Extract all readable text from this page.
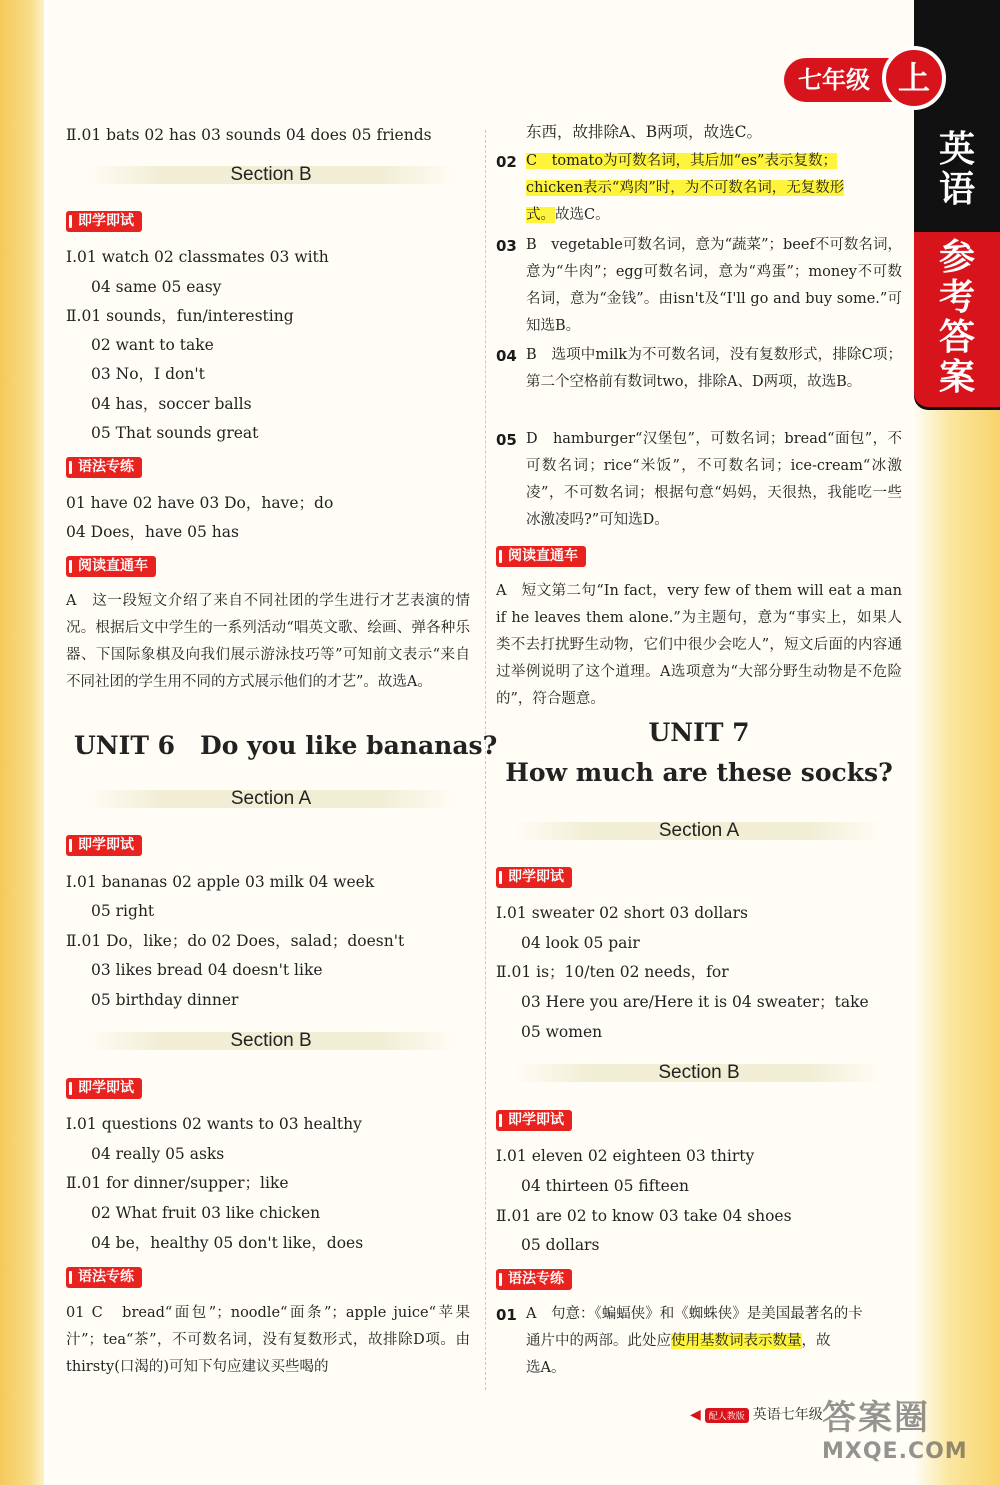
英
语
参
考
答
案
七年级 上
Ⅱ.01 bats 02 has 03 sounds 04 does 05 friends
Section B
即学即试
Ⅰ.01 watch 02 classmates 03 with
04 same 05 easy
Ⅱ.01 sounds，fun/interesting
02 want to take
03 No，I don't
04 has，soccer balls
05 That sounds great
语法专练
01 have 02 have 03 Do，have；do
04 Does，have 05 has
阅读直通车
A　这一段短文介绍了来自不同社团的学生进行才艺表演的情况。根据后文中学生的一系列活动“唱英文歌、绘画、弹各种乐器、下国际象棋及向我们展示游泳技巧等”可知前文表示“来自不同社团的学生用不同的方式展示他们的才艺”。故选A。
UNIT 6　Do you like bananas?
Section A
即学即试
Ⅰ.01 bananas 02 apple 03 milk 04 week
05 right
Ⅱ.01 Do，like；do 02 Does，salad；doesn't
03 likes bread 04 doesn't like
05 birthday dinner
Section B
即学即试
Ⅰ.01 questions 02 wants to 03 healthy
04 really 05 asks
Ⅱ.01 for dinner/supper；like
02 What fruit 03 like chicken
04 be，healthy 05 don't like，does
语法专练
01 C　bread“面包”；noodle“面条”；apple juice“苹果汁”；tea“茶”，不可数名词，没有复数形式，故排除D项。由thirsty(口渴的)可知下句应建议买些喝的
东西，故排除A、B两项，故选C。
02 C　tomato为可数名词，其后加“es”表示复数；
chicken表示“鸡肉”时，为不可数名词，无复数形
式。故选C。
03 B　vegetable可数名词，意为“蔬菜”；beef不可数名词，意为“牛肉”；egg可数名词，意为“鸡蛋”；money不可数名词，意为“金钱”。由isn't及“I'll go and buy some.”可知选B。
04 B　选项中milk为不可数名词，没有复数形式，排除C项；第二个空格前有数词two，排除A、D两项，故选B。
05 D　hamburger“汉堡包”，可数名词；bread“面包”，不可数名词；rice“米饭”，不可数名词；ice-cream“冰激凌”，不可数名词；根据句意“妈妈，天很热，我能吃一些冰激凌吗?”可知选D。
阅读直通车
A　短文第二句“In fact，very few of them will eat a man if he leaves them alone.”为主题句，意为“事实上，如果人类不去打扰野生动物，它们中很少会吃人”，短文后面的内容通过举例说明了这个道理。A选项意为“大部分野生动物是不危险的”，符合题意。
UNIT 7
How much are these socks?
Section A
即学即试
Ⅰ.01 sweater 02 short 03 dollars
04 look 05 pair
Ⅱ.01 is；10/ten 02 needs，for
03 Here you are/Here it is 04 sweater；take
05 women
Section B
即学即试
Ⅰ.01 eleven 02 eighteen 03 thirty
04 thirteen 05 fifteen
Ⅱ.01 are 02 to know 03 take 04 shoes
05 dollars
语法专练
01 A　句意：《蝙蝠侠》和《蜘蛛侠》是美国最著名的卡
通片中的两部。此处应使用基数词表示数量，故
选A。
◀ 配人教版 英语七年级 答案圈
MXQE.COM
